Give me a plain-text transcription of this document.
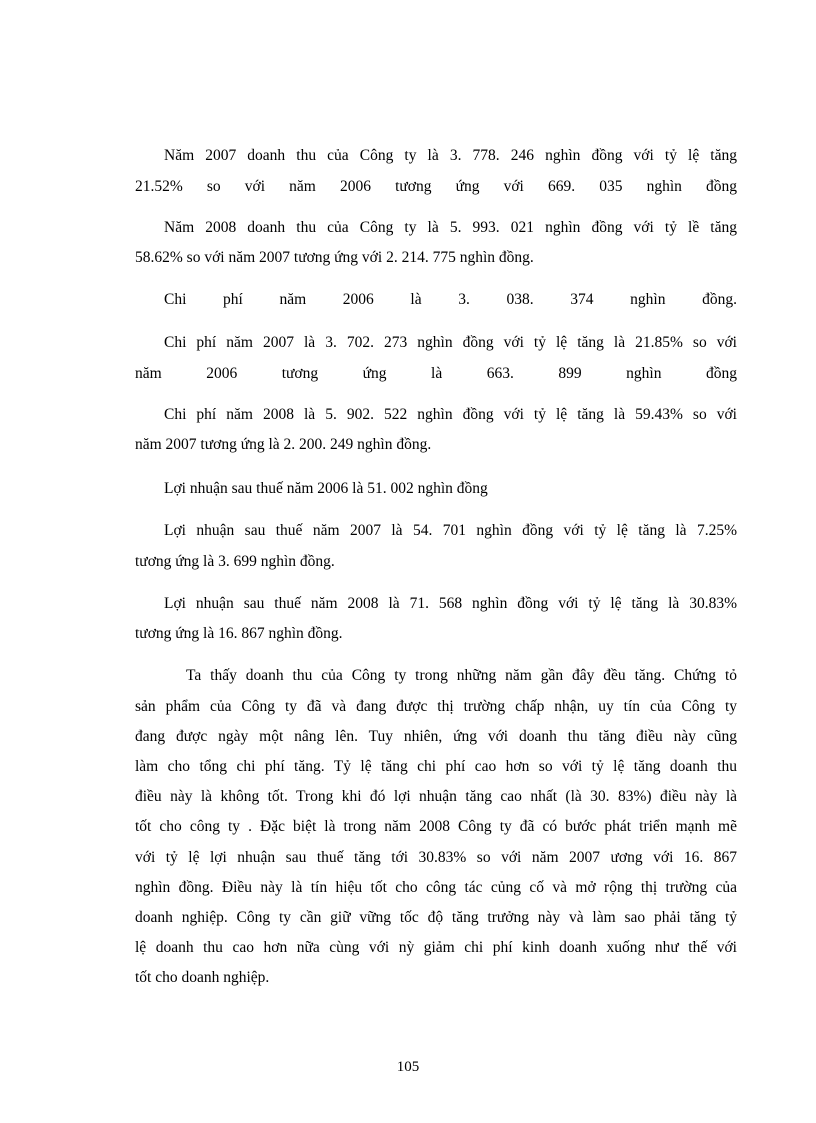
Năm 2007 doanh thu của Công ty là 3. 778. 246 nghìn đồng với tỷ lệ tăng
21.52% so với năm 2006 tương ứng với 669. 035 nghìn đồng
Năm 2008 doanh thu của Công ty là 5. 993. 021 nghìn đồng với tỷ lề tăng
58.62% so với năm 2007 tương ứng với 2. 214. 775 nghìn đồng.
Chi phí năm 2006 là 3. 038. 374 nghìn đồng.
Chi phí năm 2007 là 3. 702. 273 nghìn đồng với tỷ lệ tăng là 21.85% so với
năm 2006 tương ứng là 663. 899 nghìn đồng
Chi phí năm 2008 là 5. 902. 522 nghìn đồng với tỷ lệ tăng là 59.43% so với
năm 2007 tương ứng là 2. 200. 249 nghìn đồng.
Lợi nhuận sau thuế năm 2006 là 51. 002 nghìn đồng
Lợi nhuận sau thuế năm 2007 là 54. 701 nghìn đồng với tỷ lệ tăng là 7.25%
tương ứng là 3. 699 nghìn đồng.
Lợi nhuận sau thuế năm 2008 là 71. 568 nghìn đồng với tỷ lệ tăng là 30.83%
tương ứng là 16. 867 nghìn đồng.
Ta thấy doanh thu của Công ty trong những năm gần đây đều tăng. Chứng tỏ
sản phẩm của Công ty đã và đang được thị trường chấp nhận, uy tín của Công ty
đang được ngày một nâng lên. Tuy nhiên, ứng với doanh thu tăng điều này cũng
làm cho tổng chi phí tăng. Tỷ lệ tăng chi phí cao hơn so với tỷ lệ tăng doanh thu
điều này là không tốt. Trong khi đó lợi nhuận tăng cao nhất (là 30. 83%) điều này là
tốt cho công ty . Đặc biệt là trong năm 2008 Công ty đã có bước phát triển mạnh mẽ
với tỷ lệ lợi nhuận sau thuế tăng tới 30.83% so với năm 2007 ương với 16. 867
nghìn đồng. Điều này là tín hiệu tốt cho công tác củng cố và mở rộng thị trường của
doanh nghiệp. Công ty cần giữ vững tốc độ tăng trưởng này và làm sao phải tăng tỷ
lệ doanh thu cao hơn nữa cùng với nỳ giảm chi phí kinh doanh xuống như thế với
tốt cho doanh nghiệp.
105
